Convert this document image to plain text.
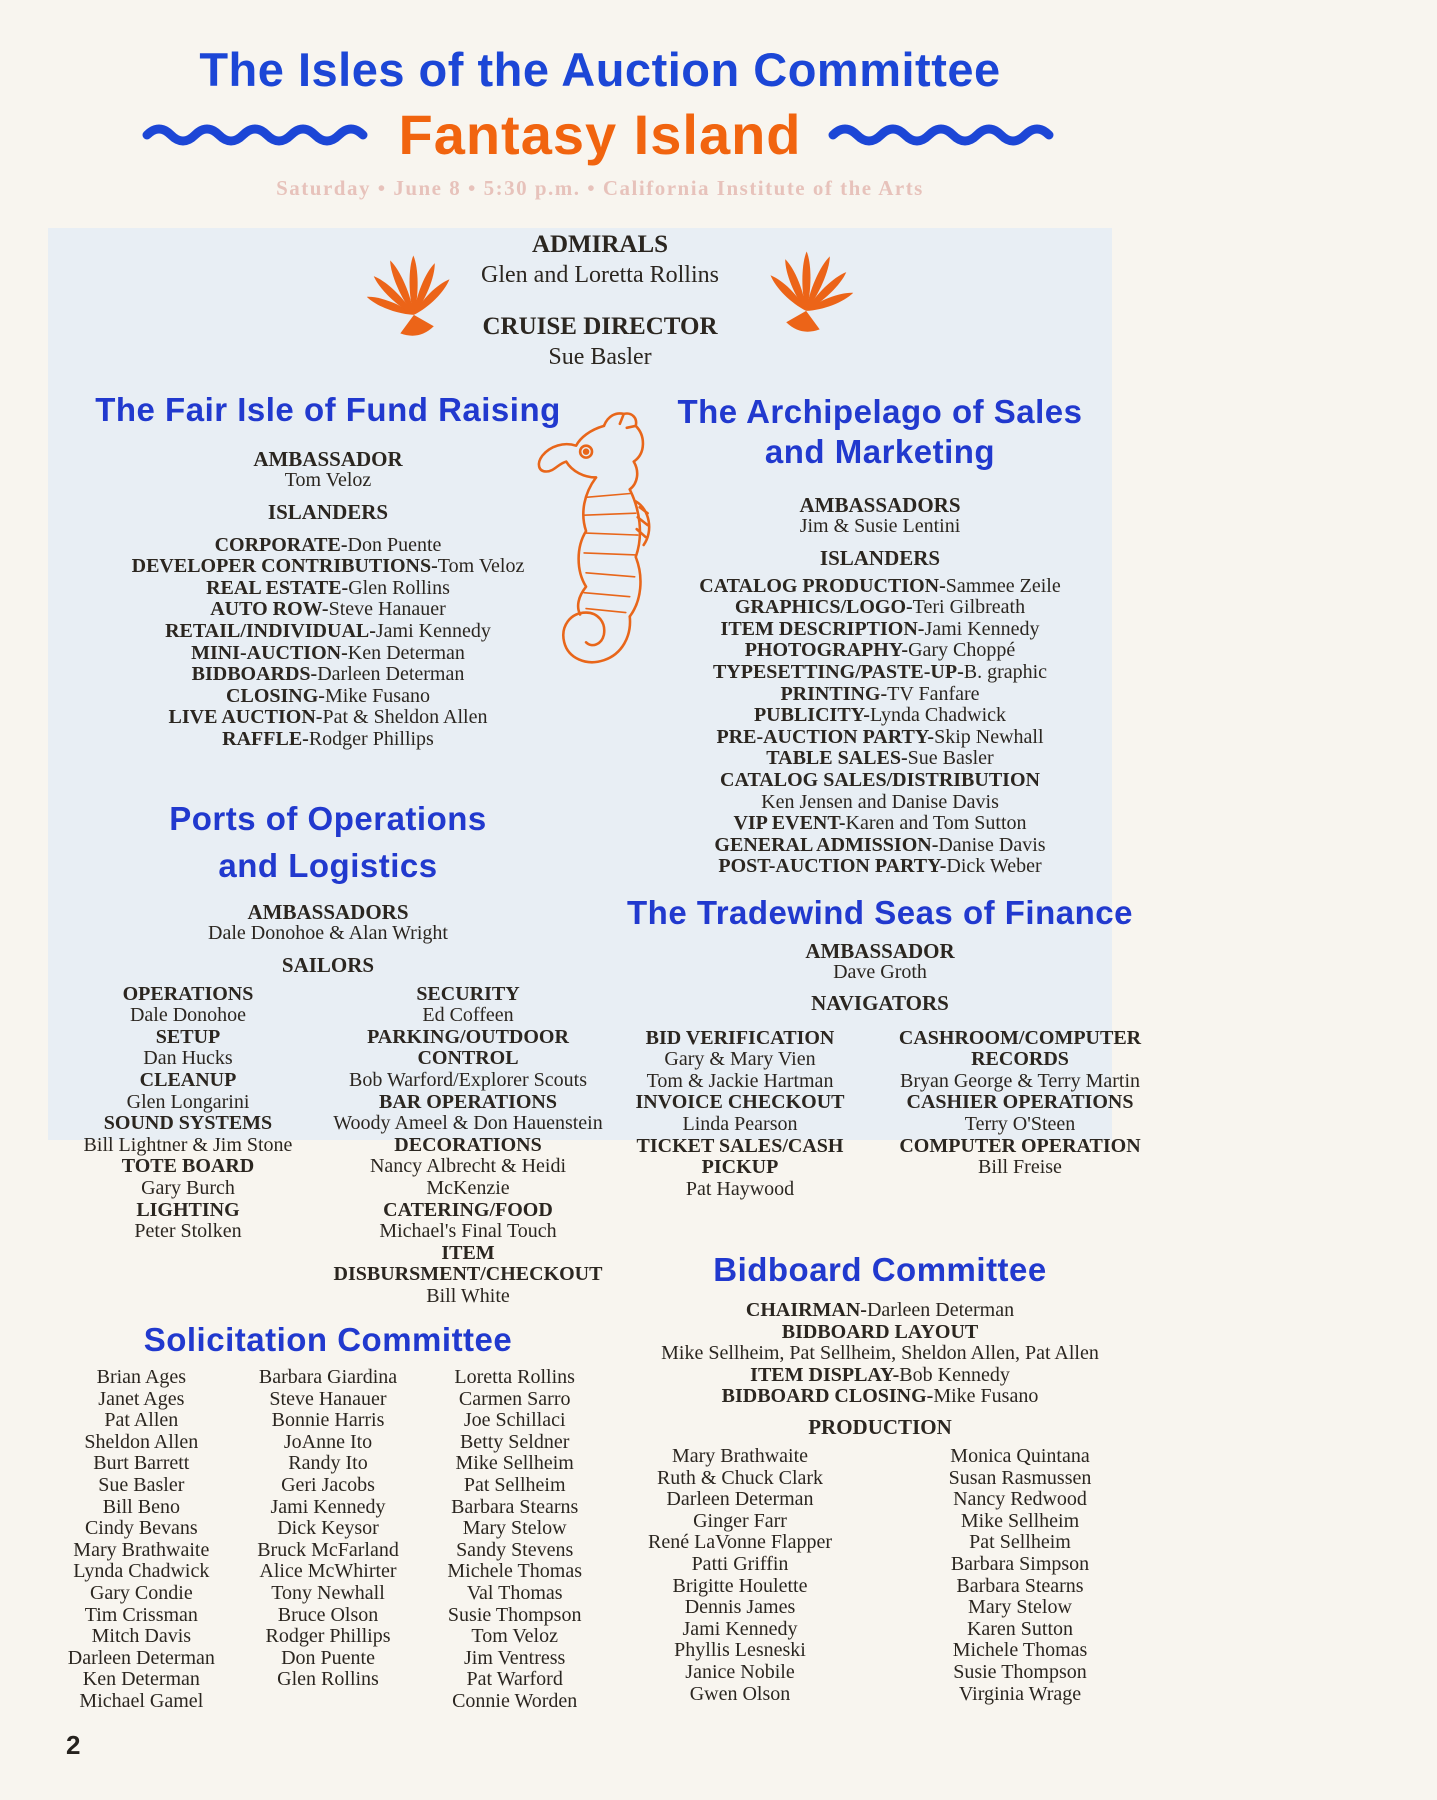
The Isles of the Auction Committee
Fantasy Island
Saturday • June 8 • 5:30 p.m. • California Institute of the Arts
ADMIRALS
Glen and Loretta Rollins
CRUISE DIRECTOR
Sue Basler
The Fair Isle of Fund Raising
AMBASSADOR
Tom Veloz
ISLANDERS
CORPORATE-Don Puente
DEVELOPER CONTRIBUTIONS-Tom Veloz
REAL ESTATE-Glen Rollins
AUTO ROW-Steve Hanauer
RETAIL/INDIVIDUAL-Jami Kennedy
MINI-AUCTION-Ken Determan
BIDBOARDS-Darleen Determan
CLOSING-Mike Fusano
LIVE AUCTION-Pat & Sheldon Allen
RAFFLE-Rodger Phillips
The Archipelago of Sales
and Marketing
AMBASSADORS
Jim & Susie Lentini
ISLANDERS
CATALOG PRODUCTION-Sammee Zeile
GRAPHICS/LOGO-Teri Gilbreath
ITEM DESCRIPTION-Jami Kennedy
PHOTOGRAPHY-Gary Choppé
TYPESETTING/PASTE-UP-B. graphic
PRINTING-TV Fanfare
PUBLICITY-Lynda Chadwick
PRE-AUCTION PARTY-Skip Newhall
TABLE SALES-Sue Basler
CATALOG SALES/DISTRIBUTION
Ken Jensen and Danise Davis
VIP EVENT-Karen and Tom Sutton
GENERAL ADMISSION-Danise Davis
POST-AUCTION PARTY-Dick Weber
Ports of Operations
and Logistics
AMBASSADORS
Dale Donohoe & Alan Wright
SAILORS
OPERATIONS
Dale Donohoe
SETUP
Dan Hucks
CLEANUP
Glen Longarini
SOUND SYSTEMS
Bill Lightner & Jim Stone
TOTE BOARD
Gary Burch
LIGHTING
Peter Stolken
SECURITY
Ed Coffeen
PARKING/OUTDOOR CONTROL
Bob Warford/Explorer Scouts
BAR OPERATIONS
Woody Ameel & Don Hauenstein
DECORATIONS
Nancy Albrecht & Heidi McKenzie
CATERING/FOOD
Michael's Final Touch
ITEM DISBURSMENT/CHECKOUT
Bill White
The Tradewind Seas of Finance
AMBASSADOR
Dave Groth
NAVIGATORS
BID VERIFICATION
Gary & Mary Vien
Tom & Jackie Hartman
INVOICE CHECKOUT
Linda Pearson
TICKET SALES/CASH PICKUP
Pat Haywood
CASHROOM/COMPUTER
RECORDS
Bryan George & Terry Martin
CASHIER OPERATIONS
Terry O'Steen
COMPUTER OPERATION
Bill Freise
Bidboard Committee
CHAIRMAN-Darleen Determan
BIDBOARD LAYOUT
Mike Sellheim, Pat Sellheim, Sheldon Allen, Pat Allen
ITEM DISPLAY-Bob Kennedy
BIDBOARD CLOSING-Mike Fusano
PRODUCTION
Mary Brathwaite
Ruth & Chuck Clark
Darleen Determan
Ginger Farr
René LaVonne Flapper
Patti Griffin
Brigitte Houlette
Dennis James
Jami Kennedy
Phyllis Lesneski
Janice Nobile
Gwen Olson
Monica Quintana
Susan Rasmussen
Nancy Redwood
Mike Sellheim
Pat Sellheim
Barbara Simpson
Barbara Stearns
Mary Stelow
Karen Sutton
Michele Thomas
Susie Thompson
Virginia Wrage
Solicitation Committee
Brian Ages
Janet Ages
Pat Allen
Sheldon Allen
Burt Barrett
Sue Basler
Bill Beno
Cindy Bevans
Mary Brathwaite
Lynda Chadwick
Gary Condie
Tim Crissman
Mitch Davis
Darleen Determan
Ken Determan
Michael Gamel
Barbara Giardina
Steve Hanauer
Bonnie Harris
JoAnne Ito
Randy Ito
Geri Jacobs
Jami Kennedy
Dick Keysor
Bruck McFarland
Alice McWhirter
Tony Newhall
Bruce Olson
Rodger Phillips
Don Puente
Glen Rollins
Loretta Rollins
Carmen Sarro
Joe Schillaci
Betty Seldner
Mike Sellheim
Pat Sellheim
Barbara Stearns
Mary Stelow
Sandy Stevens
Michele Thomas
Val Thomas
Susie Thompson
Tom Veloz
Jim Ventress
Pat Warford
Connie Worden
2
